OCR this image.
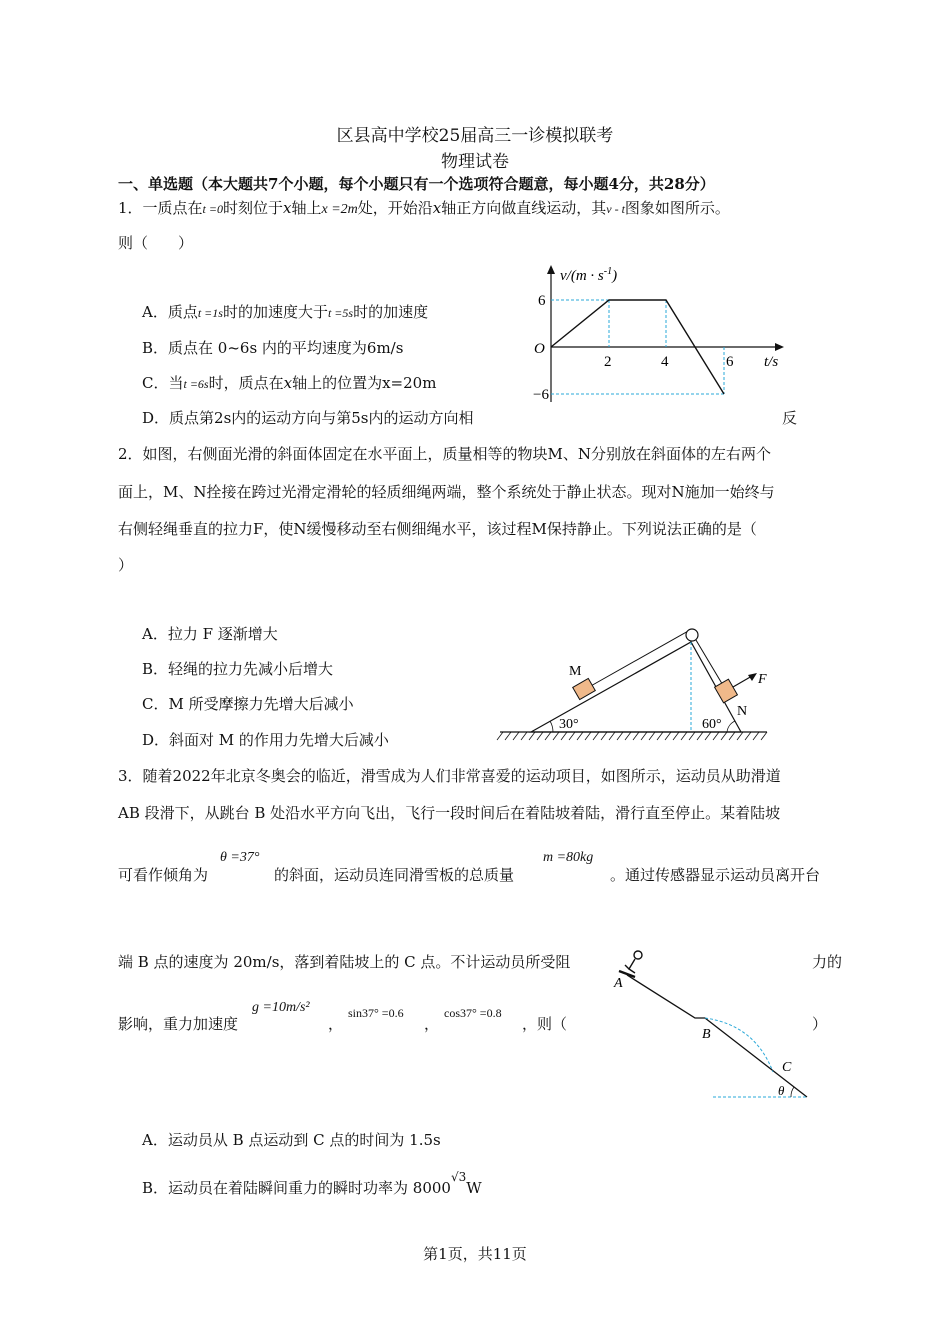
区县高中学校25届高三一诊模拟联考
物理试卷
一、单选题（本大题共7个小题，每个小题只有一个选项符合题意，每小题4分，共28分）
1．一质点在t =0时刻位于x轴上x =2m处，开始沿x轴正方向做直线运动，其v - t图象如图所示。
则（　　）
A．质点t =1s时的加速度大于t =5s时的加速度
B．质点在 0~6s 内的平均速度为6m/s
C．当t =6s时，质点在x轴上的位置为x=20m
D．质点第2s内的运动方向与第5s内的运动方向相	反
$v/(m \cdot s^{-1})$
6
O
−6
2	4	6 t/s
2．如图，右侧面光滑的斜面体固定在水平面上，质量相等的物块M、N分别放在斜面体的左右两个
面上，M、N拴接在跨过光滑定滑轮的轻质细绳两端，整个系统处于静止状态。现对N施加一始终与
右侧轻绳垂直的拉力F，使N缓慢移动至右侧细绳水平，该过程M保持静止。下列说法正确的是（
）
A．拉力 F 逐渐增大
B．轻绳的拉力先减小后增大
C．M 所受摩擦力先增大后减小
D．斜面对 M 的作用力先增大后减小
M
N
F
30°	60°
3．随着2022年北京冬奥会的临近，滑雪成为人们非常喜爱的运动项目，如图所示，运动员从助滑道
AB 段滑下，从跳台 B 处沿水平方向飞出，飞行一段时间后在着陆坡着陆，滑行直至停止。某着陆坡
可看作倾角为
θ =37°
的斜面，运动员连同滑雪板的总质量
m =80kg
。通过传感器显示运动员离开台
端 B 点的速度为 20m/s，落到着陆坡上的 C 点。不计运动员所受阻	力的
影响，重力加速度
g =10m/s²
，
sin37° =0.6
，
cos37° =0.8
，则（	）
A
B
C
θ
A．运动员从 B 点运动到 C 点的时间为 1.5s
B．运动员在着陆瞬间重力的瞬时功率为 $8000^{√3}W$
第1页，共11页
